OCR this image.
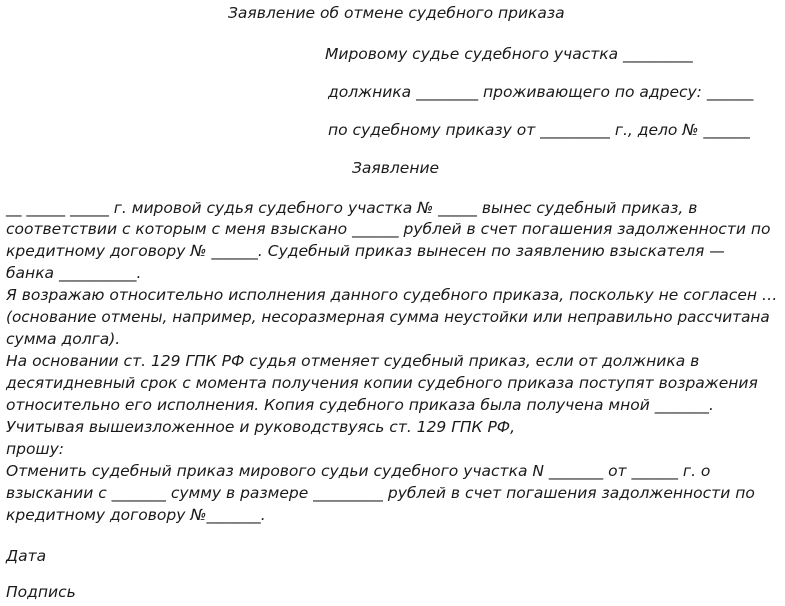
Заявление об отмене судебного приказа

Мировому судье судебного участка _________

должника ________ проживающего по адресу: ______

по судебному приказу от _________ г., дело № ______

Заявление

__ _____ _____ г. мировой судья судебного участка № _____ вынес судебный приказ, в

соответствии с которым с меня взыскано ______ рублей в счет погашения задолженности по

кредитному договору № ______. Судебный приказ вынесен по заявлению взыскателя —

банка __________.

Я возражаю относительно исполнения данного судебного приказа, поскольку не согласен …

(основание отмены, например, несоразмерная сумма неустойки или неправильно рассчитана

сумма долга).

На основании ст. 129 ГПК РФ судья отменяет судебный приказ, если от должника в

десятидневный срок с момента получения копии судебного приказа поступят возражения

относительно его исполнения. Копия судебного приказа была получена мной _______.

Учитывая вышеизложенное и руководствуясь ст. 129 ГПК РФ,

прошу:

Отменить судебный приказ мирового судьи судебного участка N _______ от ______ г. о

взыскании с _______ сумму в размере _________ рублей в счет погашения задолженности по

кредитному договору №_______.

Дата

Подпись
